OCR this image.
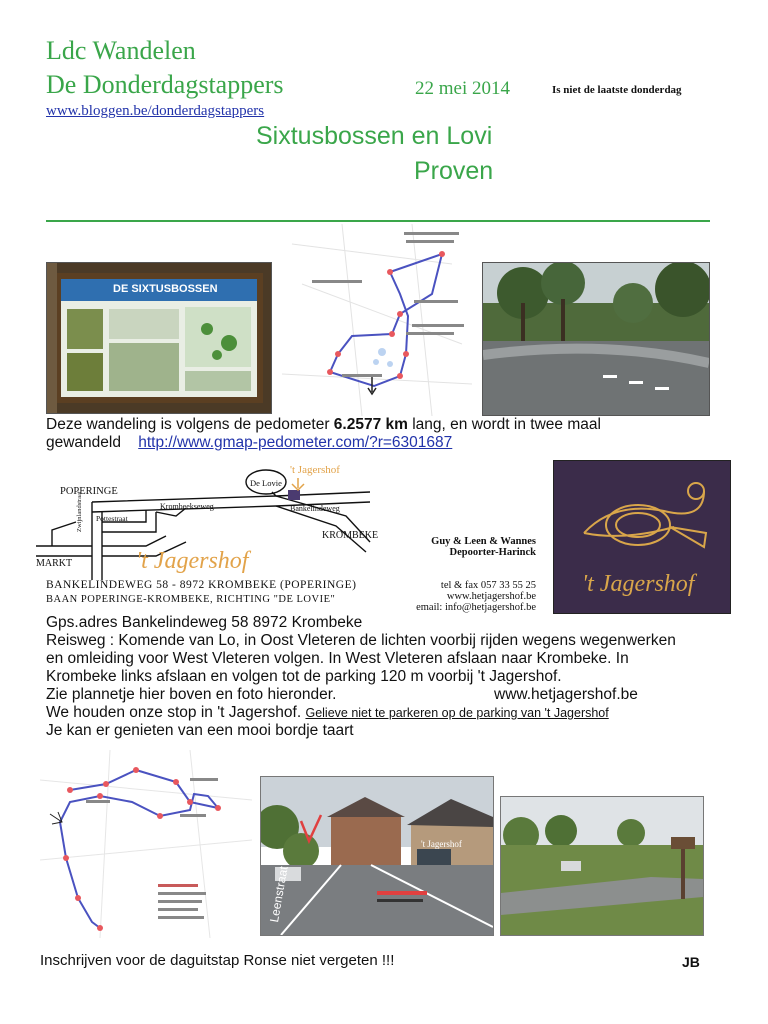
Ldc Wandelen
De Donderdagstappers	22 mei 2014	Is niet de laatste donderdag
www.bloggen.be/donderdagstappers
Sixtusbossen en Lovi
Proven
DE SIXTUSBOSSEN
Deze wandeling is volgens de pedometer 6.2577 km lang, en wordt in twee maal
gewandeld http://www.gmap-pedometer.com/?r=6301687
POPERINGE
't Jagershof
De Lovie
Krombeekseweg
Pottestraat
Bankelindeweg
KROMBEKE
MARKT
Zwijnlandstraat
't Jagershof
BANKELINDEWEG 58 - 8972 KROMBEKE (POPERINGE)
BAAN POPERINGE-KROMBEKE, RICHTING "DE LOVIE"
Guy & Leen & Wannes
Depoorter-Harinck
tel & fax 057 33 55 25
www.hetjagershof.be
email: info@hetjagershof.be
't Jagershof
Gps.adres Bankelindeweg 58 8972 Krombeke
Reisweg : Komende van Lo, in Oost Vleteren de lichten voorbij rijden wegens wegenwerken
en omleiding voor West Vleteren volgen. In West Vleteren afslaan naar Krombeke. In
Krombeke links afslaan en volgen tot de parking 120 m voorbij 't Jagershof.
Zie plannetje hier boven en foto hieronder.	www.hetjagershof.be
We houden onze stop in 't Jagershof. Gelieve niet te parkeren op de parking van 't Jagershof
Je kan er genieten van een mooi bordje taart
Leenstraat
't Jagershof
Inschrijven voor de daguitstap Ronse niet vergeten !!!	JB
